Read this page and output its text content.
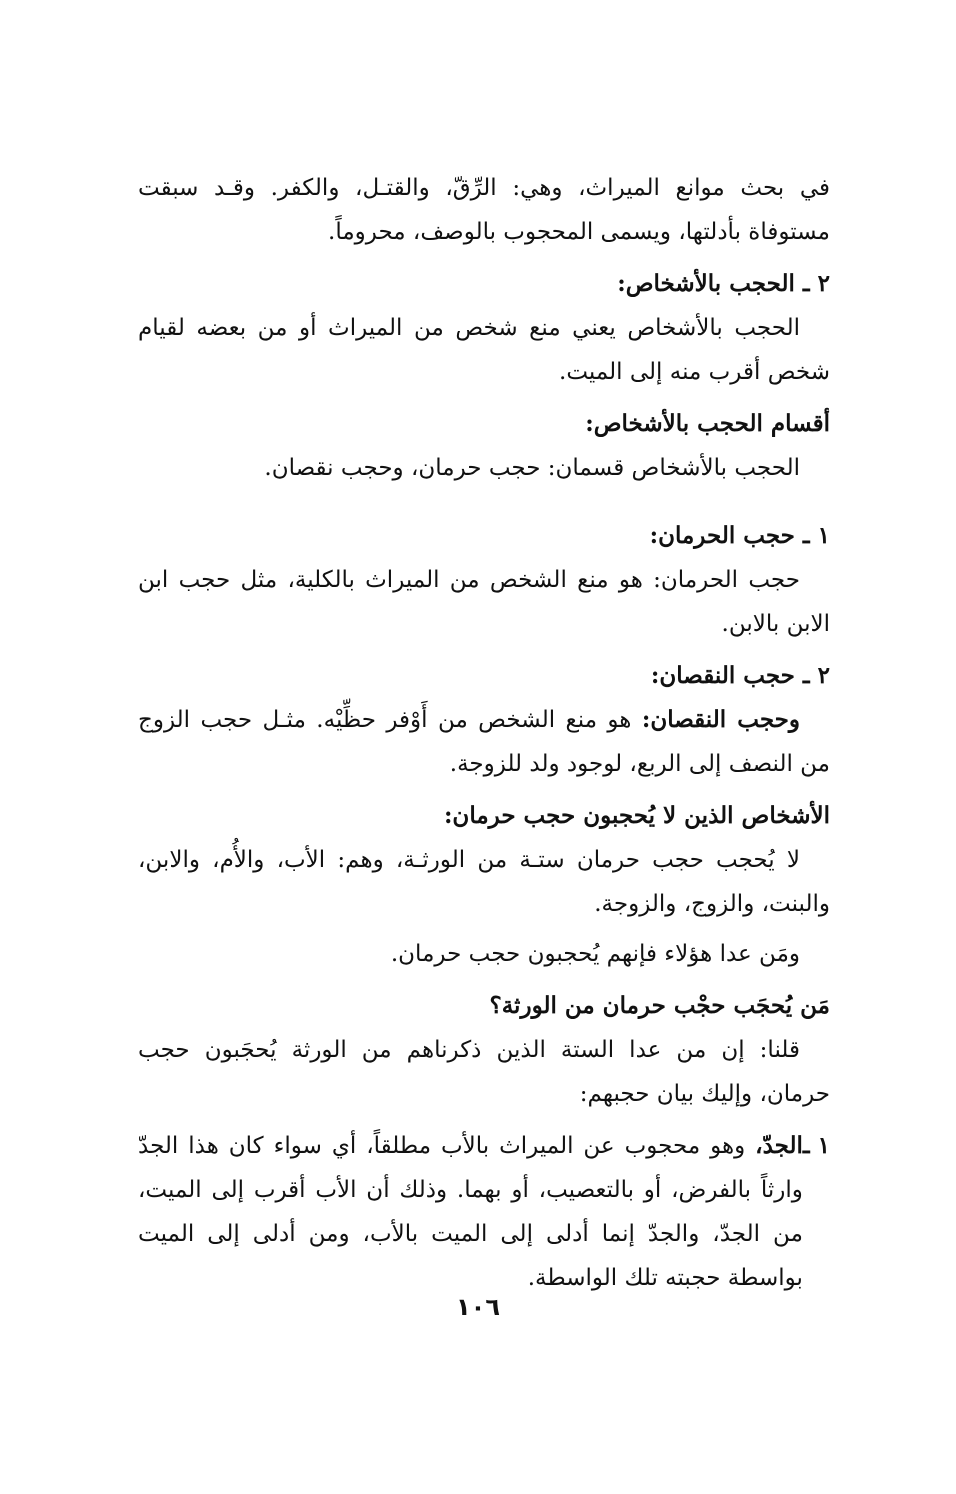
في بحث موانع الميراث، وهي: الرِّقّ، والقتـل، والكفر. وقـد سبقت مستوفاة بأدلتها، ويسمى المحجوب بالوصف، محروماً.

٢ ـ الحجب بالأشخاص:

الحجب بالأشخاص يعني منع شخص من الميراث أو من بعضه لقيام شخص أقرب منه إلى الميت.

أقسام الحجب بالأشخاص:

الحجب بالأشخاص قسمان: حجب حرمان، وحجب نقصان.

١ ـ حجب الحرمان:

حجب الحرمان: هو منع الشخص من الميراث بالكلية، مثل حجب ابن الابن بالابن.

٢ ـ حجب النقصان:

وحجب النقصان: هو منع الشخص من أَوْفر حظِّيْه. مثـل حجب الزوج من النصف إلى الربع، لوجود ولد للزوجة.

الأشخاص الذين لا يُحجبون حجب حرمان:

لا يُحجب حجب حرمان ستـة من الورثـة، وهم: الأب، والأُم، والابن، والبنت، والزوج، والزوجة.

ومَن عدا هؤلاء فإنهم يُحجبون حجب حرمان.

مَن يُحجَب حجْب حرمان من الورثة؟

قلنا: إن من عدا الستة الذين ذكرناهم من الورثة يُحجَبون حجب حرمان، وإليك بيان حجبهم:

١ ـ
الجدّ، وهو محجوب عن الميراث بالأب مطلقاً، أي سواء كان هذا الجدّ وارثاً بالفرض، أو بالتعصيب، أو بهما. وذلك أن الأب أقرب إلى الميت، من الجدّ، والجدّ إنما أدلى إلى الميت بالأب، ومن أدلى إلى الميت بواسطة حجبته تلك الواسطة.
١٠٦
